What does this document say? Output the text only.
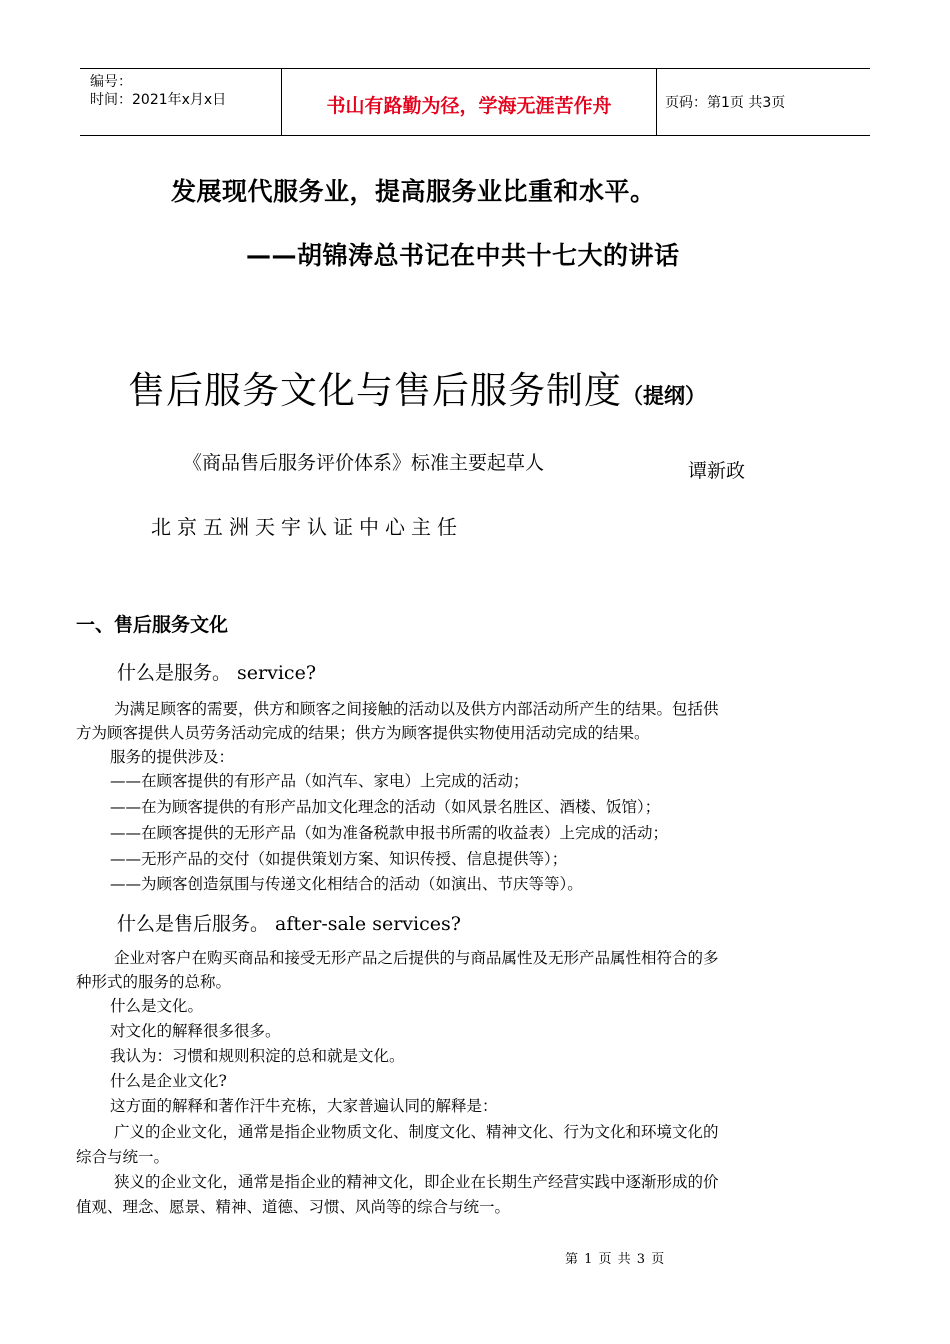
编号：
时间：2021年x月x日	书山有路勤为径，学海无涯苦作舟	页码：第1页 共3页
发展现代服务业，提高服务业比重和水平。
——胡锦涛总书记在中共十七大的讲话
售后服务文化与售后服务制度（提纲）
《商品售后服务评价体系》标准主要起草人	谭新政
北京五洲天宇认证中心主任
一、售后服务文化
什么是服务。 service?
为满足顾客的需要，供方和顾客之间接触的活动以及供方内部活动所产生的结果。包括供
方为顾客提供人员劳务活动完成的结果；供方为顾客提供实物使用活动完成的结果。
服务的提供涉及：
——在顾客提供的有形产品（如汽车、家电）上完成的活动；
——在为顾客提供的有形产品加文化理念的活动（如风景名胜区、酒楼、饭馆）；
——在顾客提供的无形产品（如为准备税款申报书所需的收益表）上完成的活动；
——无形产品的交付（如提供策划方案、知识传授、信息提供等）；
——为顾客创造氛围与传递文化相结合的活动（如演出、节庆等等）。
什么是售后服务。 after-sale services?
企业对客户在购买商品和接受无形产品之后提供的与商品属性及无形产品属性相符合的多
种形式的服务的总称。
什么是文化。
对文化的解释很多很多。
我认为：习惯和规则积淀的总和就是文化。
什么是企业文化?
这方面的解释和著作汗牛充栋，大家普遍认同的解释是：
广义的企业文化，通常是指企业物质文化、制度文化、精神文化、行为文化和环境文化的
综合与统一。
狭义的企业文化，通常是指企业的精神文化，即企业在长期生产经营实践中逐渐形成的价
值观、理念、愿景、精神、道德、习惯、风尚等的综合与统一。
第 1 页 共 3 页
